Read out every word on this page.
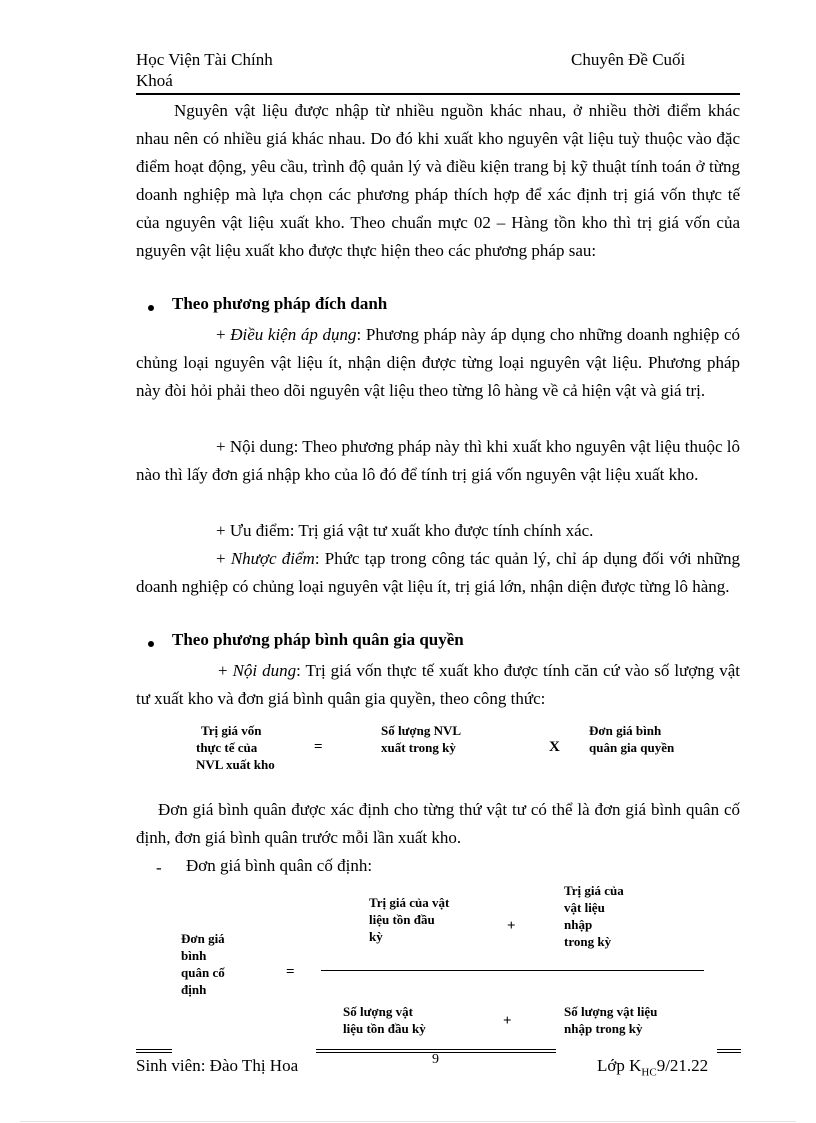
Học Viện Tài Chính
Khoá
Chuyên Đề Cuối
Nguyên vật liệu được nhập từ nhiều nguồn khác nhau, ở nhiều thời điểm khác nhau nên có nhiều giá khác nhau. Do đó khi xuất kho nguyên vật liệu tuỳ thuộc vào đặc điểm hoạt động, yêu cầu, trình độ quản lý và điều kiện trang bị kỹ thuật tính toán ở từng doanh nghiệp mà lựa chọn các phương pháp thích hợp để xác định trị giá vốn thực tế của nguyên vật liệu xuất kho. Theo chuẩn mực 02 – Hàng tồn kho thì trị giá vốn của nguyên vật liệu xuất kho được thực hiện theo các phương pháp sau:
Theo phương pháp đích danh
+ Điều kiện áp dụng: Phương pháp này áp dụng cho những doanh nghiệp có chủng loại nguyên vật liệu ít, nhận diện được từng loại nguyên vật liệu. Phương pháp này đòi hỏi phải theo dõi nguyên vật liệu theo từng lô hàng về cả hiện vật và giá trị.
+ Nội dung: Theo phương pháp này thì khi xuất kho nguyên vật liệu thuộc lô nào thì lấy đơn giá nhập kho của lô đó để tính trị giá vốn nguyên vật liệu xuất kho.
+ Ưu điểm: Trị giá vật tư xuất kho được tính chính xác.
+ Nhược điểm: Phức tạp trong công tác quản lý, chỉ áp dụng đối với những doanh nghiệp có chủng loại nguyên vật liệu ít, trị giá lớn, nhận diện được từng lô hàng.
Theo phương pháp bình quân gia quyền
+ Nội dung: Trị giá vốn thực tế xuất kho được tính căn cứ vào số lượng vật tư xuất kho và đơn giá bình quân gia quyền, theo công thức:
Trị giá vốn
thực tế của
NVL xuất kho
=
Số lượng NVL
xuất trong kỳ	X
Đơn giá bình
quân gia quyền
Đơn giá bình quân được xác định cho từng thứ vật tư có thể là đơn giá bình quân cố định, đơn giá bình quân trước mỗi lần xuất kho.
- Đơn giá bình quân cố định:
Đơn giá
bình
quân cố
định
=
Trị giá của vật
liệu tồn đầu
kỳ
+
Trị giá của
vật liệu
nhập
trong kỳ
Số lượng vật
liệu tồn đầu kỳ	+
Số lượng vật liệu
nhập trong kỳ
Sinh viên: Đào Thị Hoa	9	Lớp $K_{HC}9/21.22$
